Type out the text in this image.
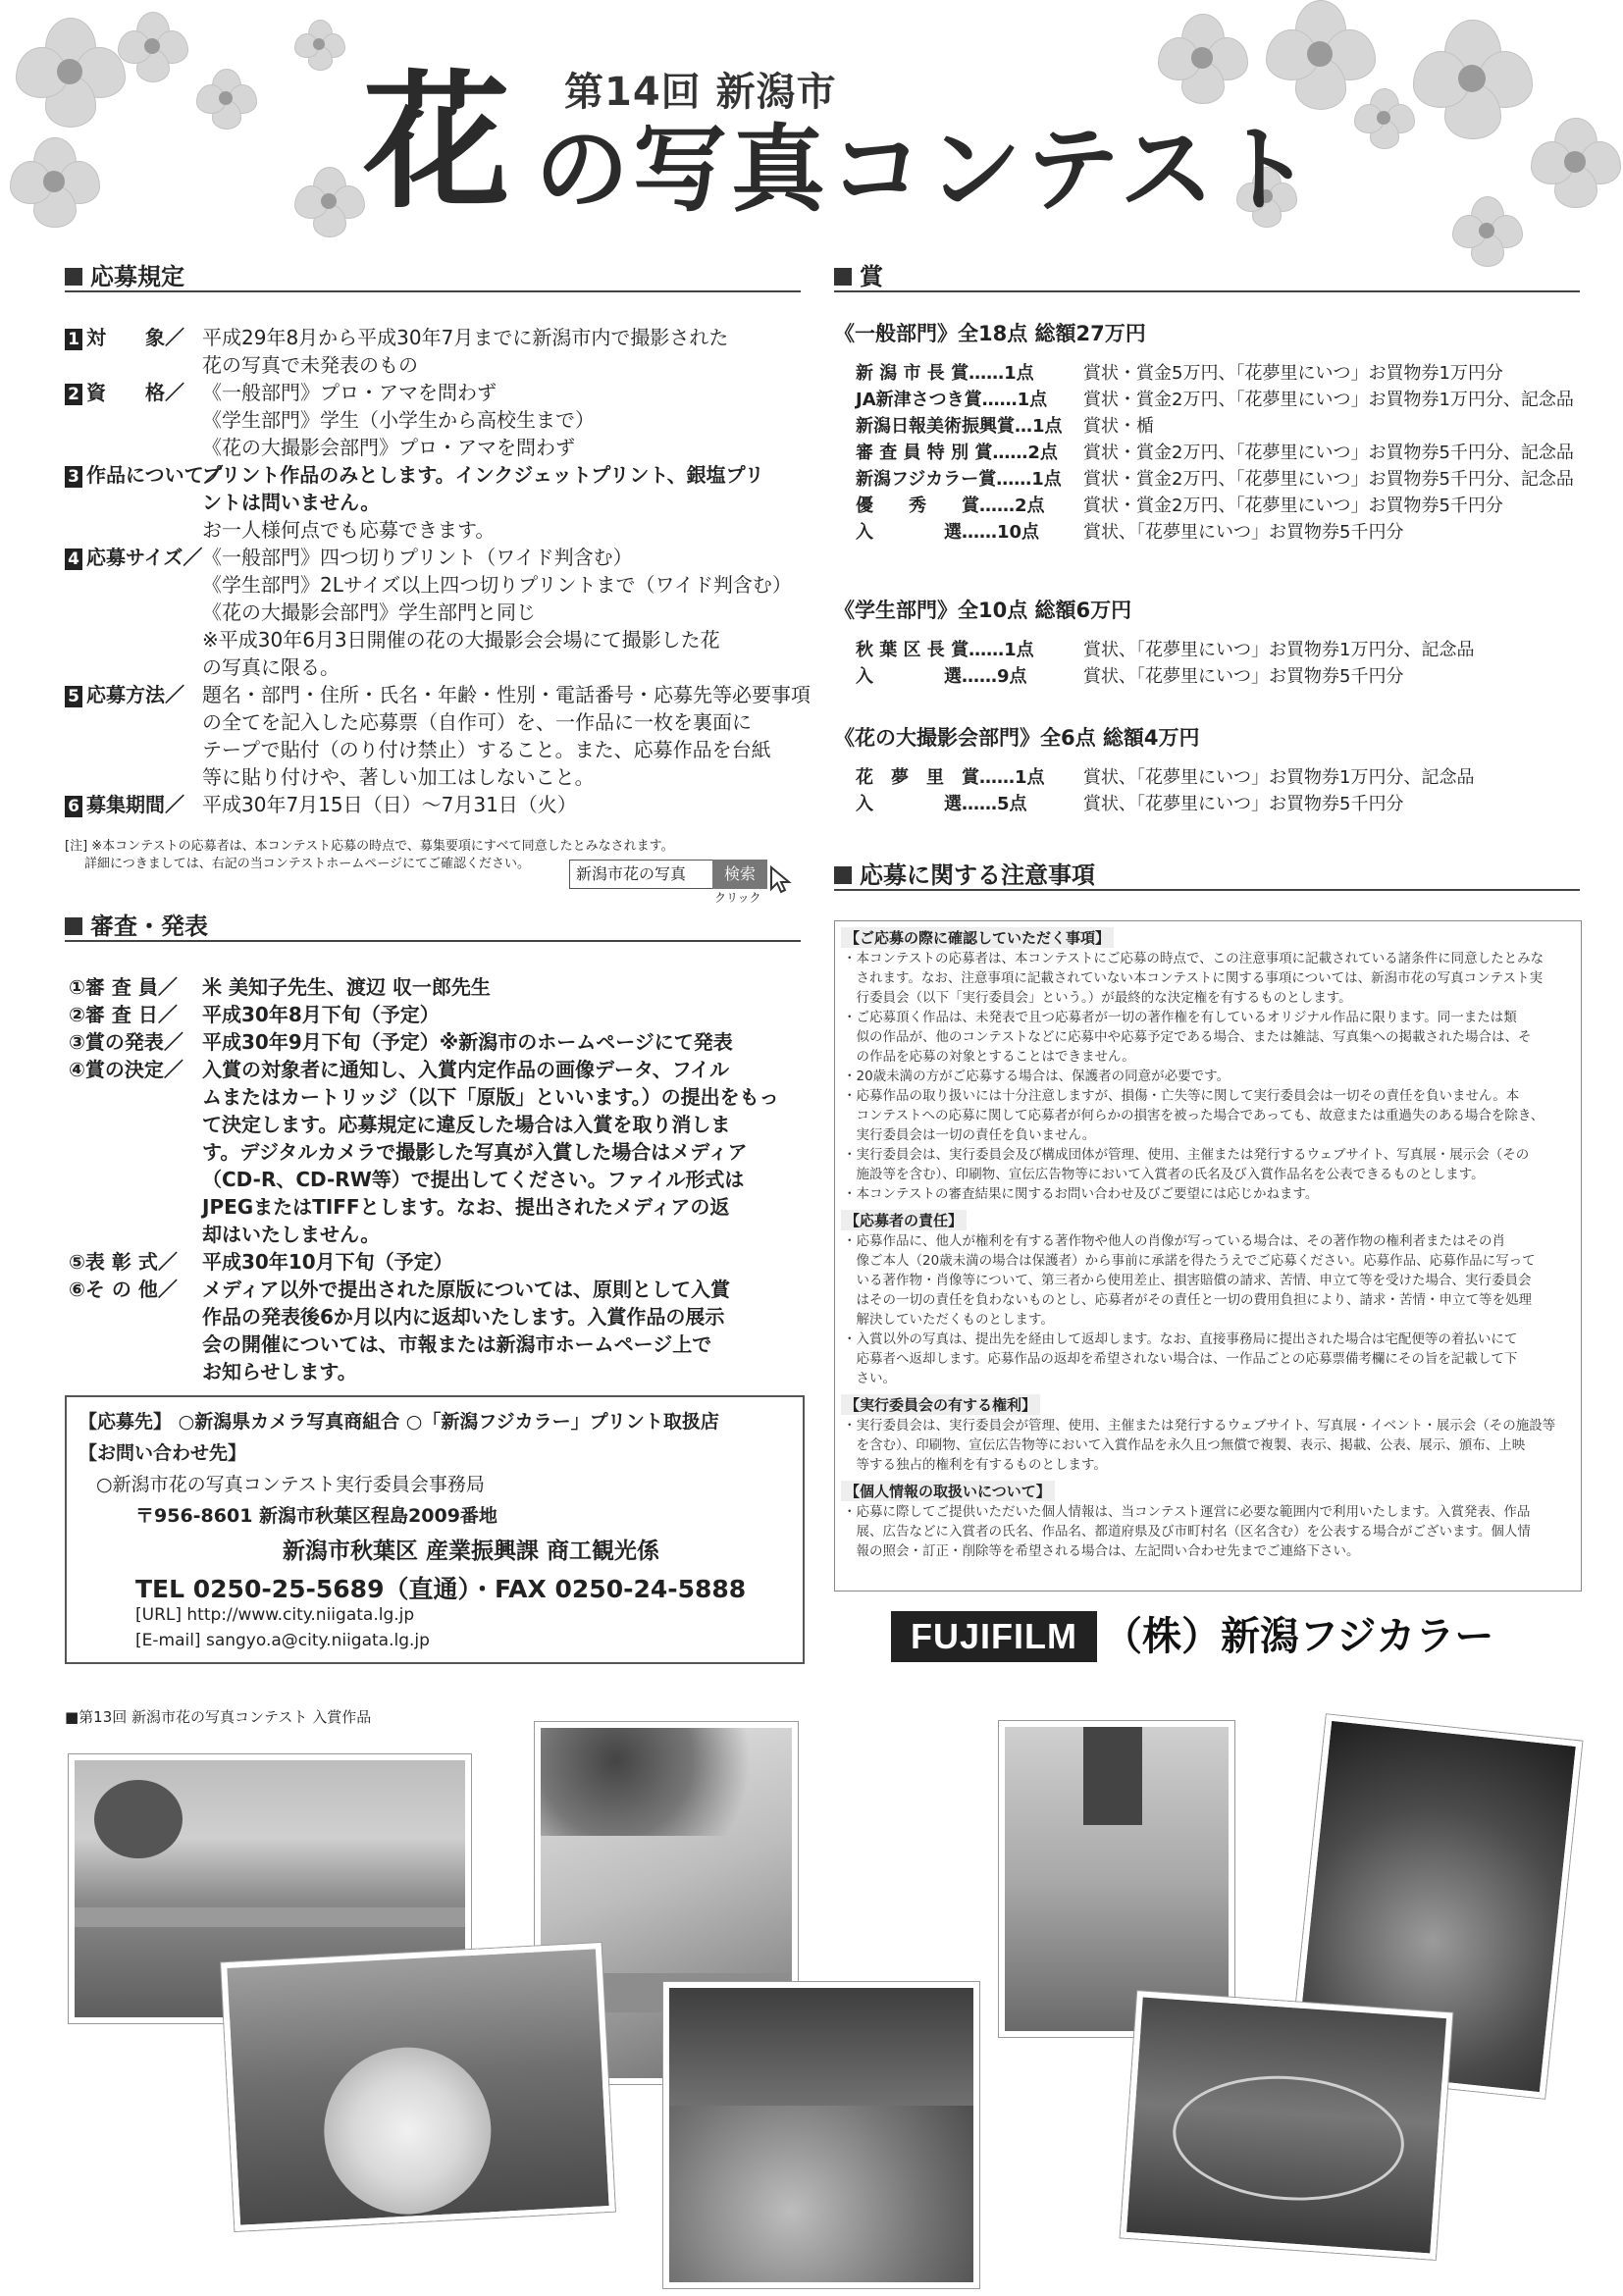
第14回 新潟市
花 の写真コンテスト
応募規定
1 対　　象／ 平成29年8月から平成30年7月までに新潟市内で撮影された
花の写真で未発表のもの
2 資　　格／ 《一般部門》プロ・アマを問わず
《学生部門》学生（小学生から高校生まで）
《花の大撮影会部門》プロ・アマを問わず
3 作品について／
プリント作品のみとします。インクジェットプリント、銀塩プリ
ントは問いません。
お一人様何点でも応募できます。
4 応募サイズ／ 《一般部門》四つ切りプリント（ワイド判含む）
《学生部門》2Lサイズ以上四つ切りプリントまで（ワイド判含む）
《花の大撮影会部門》学生部門と同じ
※平成30年6月3日開催の花の大撮影会会場にて撮影した花
の写真に限る。
5 応募方法／ 題名・部門・住所・氏名・年齢・性別・電話番号・応募先等必要事項
の全てを記入した応募票（自作可）を、一作品に一枚を裏面に
テープで貼付（のり付け禁止）すること。また、応募作品を台紙
等に貼り付けや、著しい加工はしないこと。
6 募集期間／ 平成30年7月15日（日）～7月31日（火）
[注] ※本コンテストの応募者は、本コンテスト応募の時点で、募集要項にすべて同意したとみなされます。
詳細につきましては、右記の当コンテストホームページにてご確認ください。
新潟市花の写真	検索
クリック
審査・発表
①審 査 員／ 米 美知子先生、渡辺 収一郎先生
②審 査 日／ 平成30年8月下旬（予定）
③賞の発表／ 平成30年9月下旬（予定）※新潟市のホームページにて発表
④賞の決定／ 入賞の対象者に通知し、入賞内定作品の画像データ、フイル
ムまたはカートリッジ（以下「原版」といいます。）の提出をもっ
て決定します。応募規定に違反した場合は入賞を取り消しま
す。デジタルカメラで撮影した写真が入賞した場合はメディア
（CD-R、CD-RW等）で提出してください。ファイル形式は
JPEGまたはTIFFとします。なお、提出されたメディアの返
却はいたしません。
⑤表 彰 式／ 平成30年10月下旬（予定）
⑥そ の 他／ メディア以外で提出された原版については、原則として入賞
作品の発表後6か月以内に返却いたします。入賞作品の展示
会の開催については、市報または新潟市ホームページ上で
お知らせします。
【応募先】 ○新潟県カメラ写真商組合 ○「新潟フジカラー」プリント取扱店
【お問い合わせ先】
○新潟市花の写真コンテスト実行委員会事務局
〒956-8601 新潟市秋葉区程島2009番地
新潟市秋葉区 産業振興課 商工観光係
TEL 0250-25-5689（直通）・FAX 0250-24-5888
[URL] http://www.city.niigata.lg.jp
[E-mail] sangyo.a@city.niigata.lg.jp
賞
《一般部門》全18点 総額27万円
新 潟 市 長 賞……1点	賞状・賞金5万円、「花夢里にいつ」お買物券1万円分
JA新津さつき賞……1点 賞状・賞金2万円、「花夢里にいつ」お買物券1万円分、記念品
新潟日報美術振興賞…1点 賞状・楯
審 査 員 特 別 賞……2点 賞状・賞金2万円、「花夢里にいつ」お買物券5千円分、記念品
新潟フジカラー賞……1点 賞状・賞金2万円、「花夢里にいつ」お買物券5千円分、記念品
優　　秀　　賞……2点 賞状・賞金2万円、「花夢里にいつ」お買物券5千円分
入　　　　選……10点 賞状、「花夢里にいつ」お買物券5千円分
《学生部門》全10点 総額6万円
秋 葉 区 長 賞……1点	賞状、「花夢里にいつ」お買物券1万円分、記念品
入　　　　選……9点	賞状、「花夢里にいつ」お買物券5千円分
《花の大撮影会部門》全6点 総額4万円
花　夢　里　賞……1点 賞状、「花夢里にいつ」お買物券1万円分、記念品
入　　　　選……5点	賞状、「花夢里にいつ」お買物券5千円分
応募に関する注意事項
【ご応募の際に確認していただく事項】
・本コンテストの応募者は、本コンテストにご応募の時点で、この注意事項に記載されている諸条件に同意したとみな
　されます。なお、注意事項に記載されていない本コンテストに関する事項については、新潟市花の写真コンテスト実
　行委員会（以下「実行委員会」という。）が最終的な決定権を有するものとします。
・ご応募頂く作品は、未発表で且つ応募者が一切の著作権を有しているオリジナル作品に限ります。同一または類
　似の作品が、他のコンテストなどに応募中や応募予定である場合、または雑誌、写真集への掲載された場合は、そ
　の作品を応募の対象とすることはできません。
・20歳未満の方がご応募する場合は、保護者の同意が必要です。
・応募作品の取り扱いには十分注意しますが、損傷・亡失等に関して実行委員会は一切その責任を負いません。本
　コンテストへの応募に関して応募者が何らかの損害を被った場合であっても、故意または重過失のある場合を除き、
　実行委員会は一切の責任を負いません。
・実行委員会は、実行委員会及び構成団体が管理、使用、主催または発行するウェブサイト、写真展・展示会（その
　施設等を含む）、印刷物、宣伝広告物等において入賞者の氏名及び入賞作品名を公表できるものとします。
・本コンテストの審査結果に関するお問い合わせ及びご要望には応じかねます。
【応募者の責任】
・応募作品に、他人が権利を有する著作物や他人の肖像が写っている場合は、その著作物の権利者またはその肖
　像ご本人（20歳未満の場合は保護者）から事前に承諾を得たうえでご応募ください。応募作品、応募作品に写って
　いる著作物・肖像等について、第三者から使用差止、損害賠償の請求、苦情、申立て等を受けた場合、実行委員会
　はその一切の責任を負わないものとし、応募者がその責任と一切の費用負担により、請求・苦情・申立て等を処理
　解決していただくものとします。
・入賞以外の写真は、提出先を経由して返却します。なお、直接事務局に提出された場合は宅配便等の着払いにて
　応募者へ返却します。応募作品の返却を希望されない場合は、一作品ごとの応募票備考欄にその旨を記載して下
　さい。
【実行委員会の有する権利】
・実行委員会は、実行委員会が管理、使用、主催または発行するウェブサイト、写真展・イベント・展示会（その施設等
　を含む）、印刷物、宣伝広告物等において入賞作品を永久且つ無償で複製、表示、掲載、公表、展示、頒布、上映
　等する独占的権利を有するものとします。
【個人情報の取扱いについて】
・応募に際してご提供いただいた個人情報は、当コンテスト運営に必要な範囲内で利用いたします。入賞発表、作品
　展、広告などに入賞者の氏名、作品名、都道府県及び市町村名（区名含む）を公表する場合がございます。個人情
　報の照会・訂正・削除等を希望される場合は、左記問い合わせ先までご連絡下さい。
FUJIFILM （株）新潟フジカラー
■第13回 新潟市花の写真コンテスト 入賞作品
